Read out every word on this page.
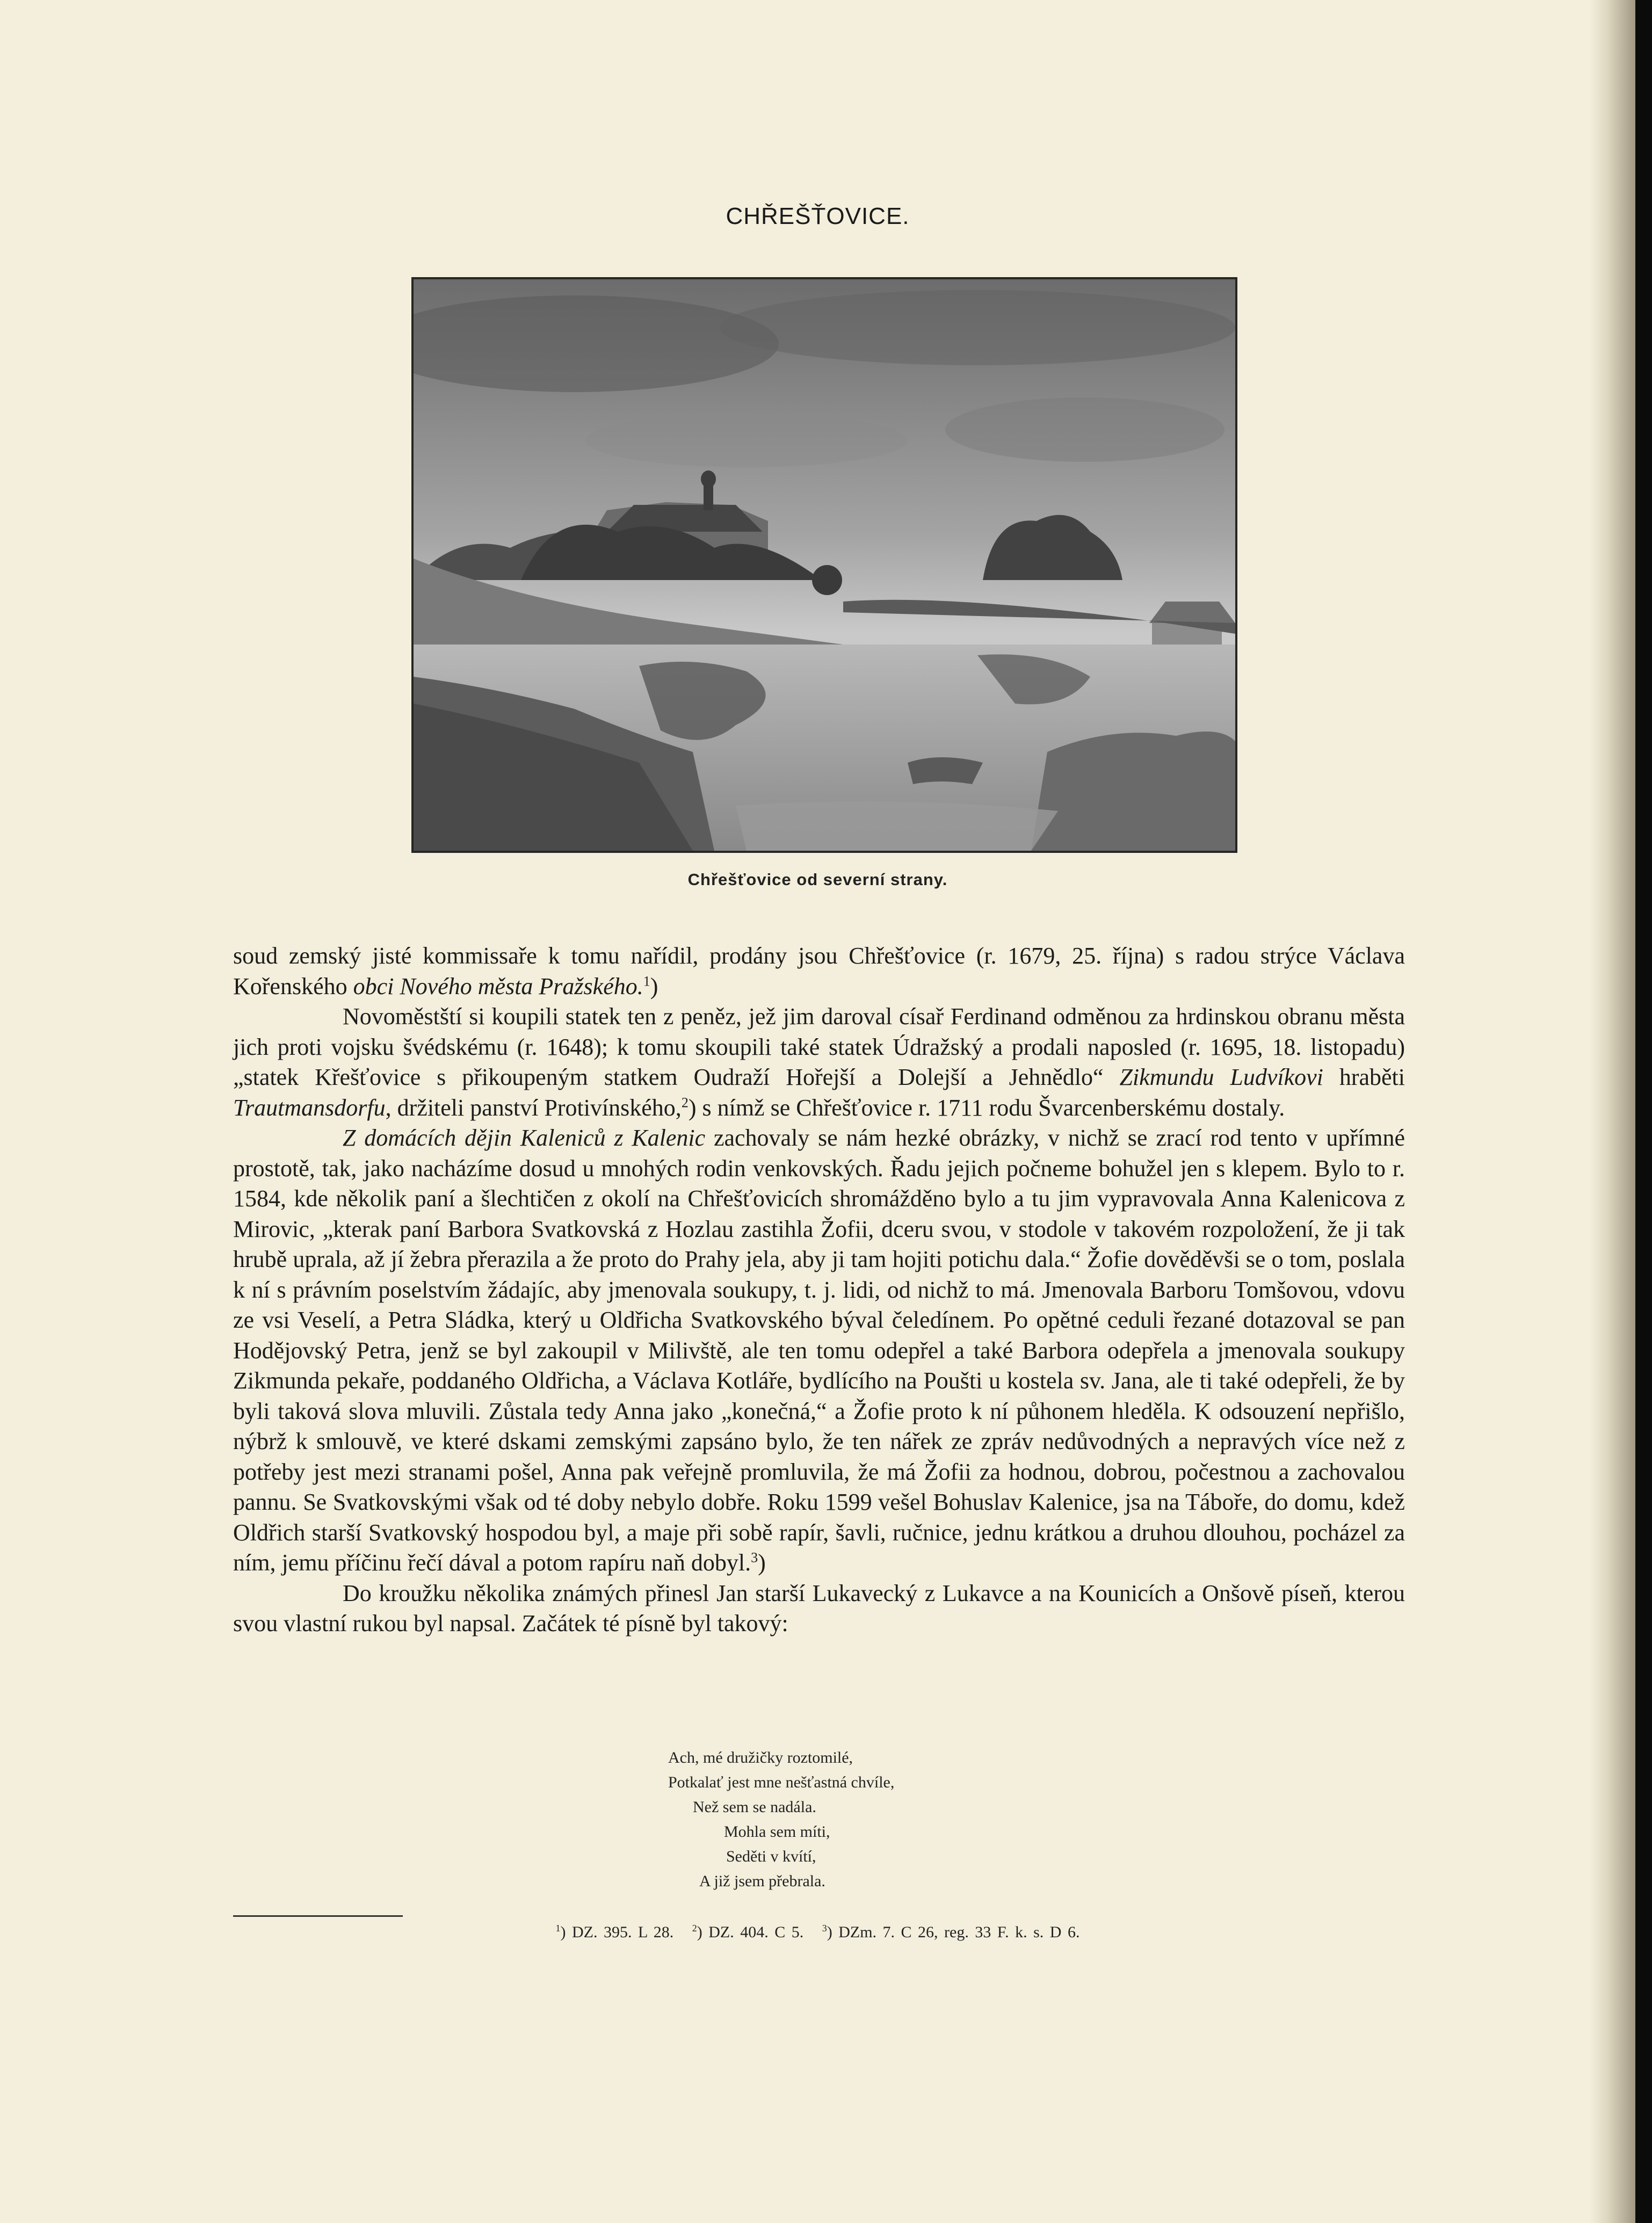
CHŘEŠŤOVICE.
Chřešťovice od severní strany.

soud zemský jisté kommissaře k tomu nařídil, prodány jsou Chřešťovice (r. 1679, 25. října) s radou strýce Václava Kořenského obci Nového města Pražského.$^1$)

Novoměstští si koupili statek ten z peněz, jež jim daroval císař Ferdinand odměnou za hrdinskou obranu města jich proti vojsku švédskému (r. 1648); k tomu skoupili také statek Údražský a prodali naposled (r. 1695, 18. listopadu) „statek Křešťovice s přikoupeným statkem Oudraží Hořejší a Dolejší a Jehnědlo“ Zikmundu Ludvíkovi hraběti Trautmansdorfu, držiteli panství Protivínského,$^2$) s nímž se Chřešťovice r. 1711 rodu Švarcenberskému dostaly.

Z domácích dějin Kaleniců z Kalenic zachovaly se nám hezké obrázky, v nichž se zrací rod tento v upřímné prostotě, tak, jako nacházíme dosud u mnohých rodin venkovských. Řadu jejich počneme bohužel jen s klepem. Bylo to r. 1584, kde několik paní a šlechtičen z okolí na Chřešťovicích shromážděno bylo a tu jim vypravovala Anna Kalenicova z Mirovic, „kterak paní Barbora Svatkovská z Hozlau zastihla Žofii, dceru svou, v stodole v takovém rozpoložení, že ji tak hrubě uprala, až jí žebra přerazila a že proto do Prahy jela, aby ji tam hojiti potichu dala.“ Žofie dověděvši se o tom, poslala k ní s právním poselstvím žádajíc, aby jmenovala soukupy, t. j. lidi, od nichž to má. Jmenovala Barboru Tomšovou, vdovu ze vsi Veselí, a Petra Sládka, který u Oldřicha Svatkovského býval čeledínem. Po opětné ceduli řezané dotazoval se pan Hodějovský Petra, jenž se byl zakoupil v Milivště, ale ten tomu odepřel a také Barbora odepřela a jmenovala soukupy Zikmunda pekaře, poddaného Oldřicha, a Václava Kotláře, bydlícího na Poušti u kostela sv. Jana, ale ti také odepřeli, že by byli taková slova mluvili. Zůstala tedy Anna jako „konečná,“ a Žofie proto k ní půhonem hleděla. K odsouzení nepřišlo, nýbrž k smlouvě, ve které dskami zemskými zapsáno bylo, že ten nářek ze zpráv nedůvodných a nepravých více než z potřeby jest mezi stranami pošel, Anna pak veřejně promluvila, že má Žofii za hodnou, dobrou, počestnou a zachovalou pannu. Se Svatkovskými však od té doby nebylo dobře. Roku 1599 vešel Bohuslav Kalenice, jsa na Táboře, do domu, kdež Oldřich starší Svatkovský hospodou byl, a maje při sobě rapír, šavli, ručnice, jednu krátkou a druhou dlouhou, pocházel za ním, jemu příčinu řečí dával a potom rapíru naň dobyl.$^3$)

Do kroužku několika známých přinesl Jan starší Lukavecký z Lukavce a na Kounicích a Onšově píseň, kterou svou vlastní rukou byl napsal. Začátek té písně byl takový:

Ach, mé družičky roztomilé,
Potkalať jest mne nešťastná chvíle,
Než sem se nadála.
Mohla sem míti,
Seděti v kvítí,
A již jsem přebrala.
$^1$) DZ. 395. L 28. $^2$) DZ. 404. C 5. $^3$) DZm. 7. C 26, reg. 33 F. k. s. D 6.
